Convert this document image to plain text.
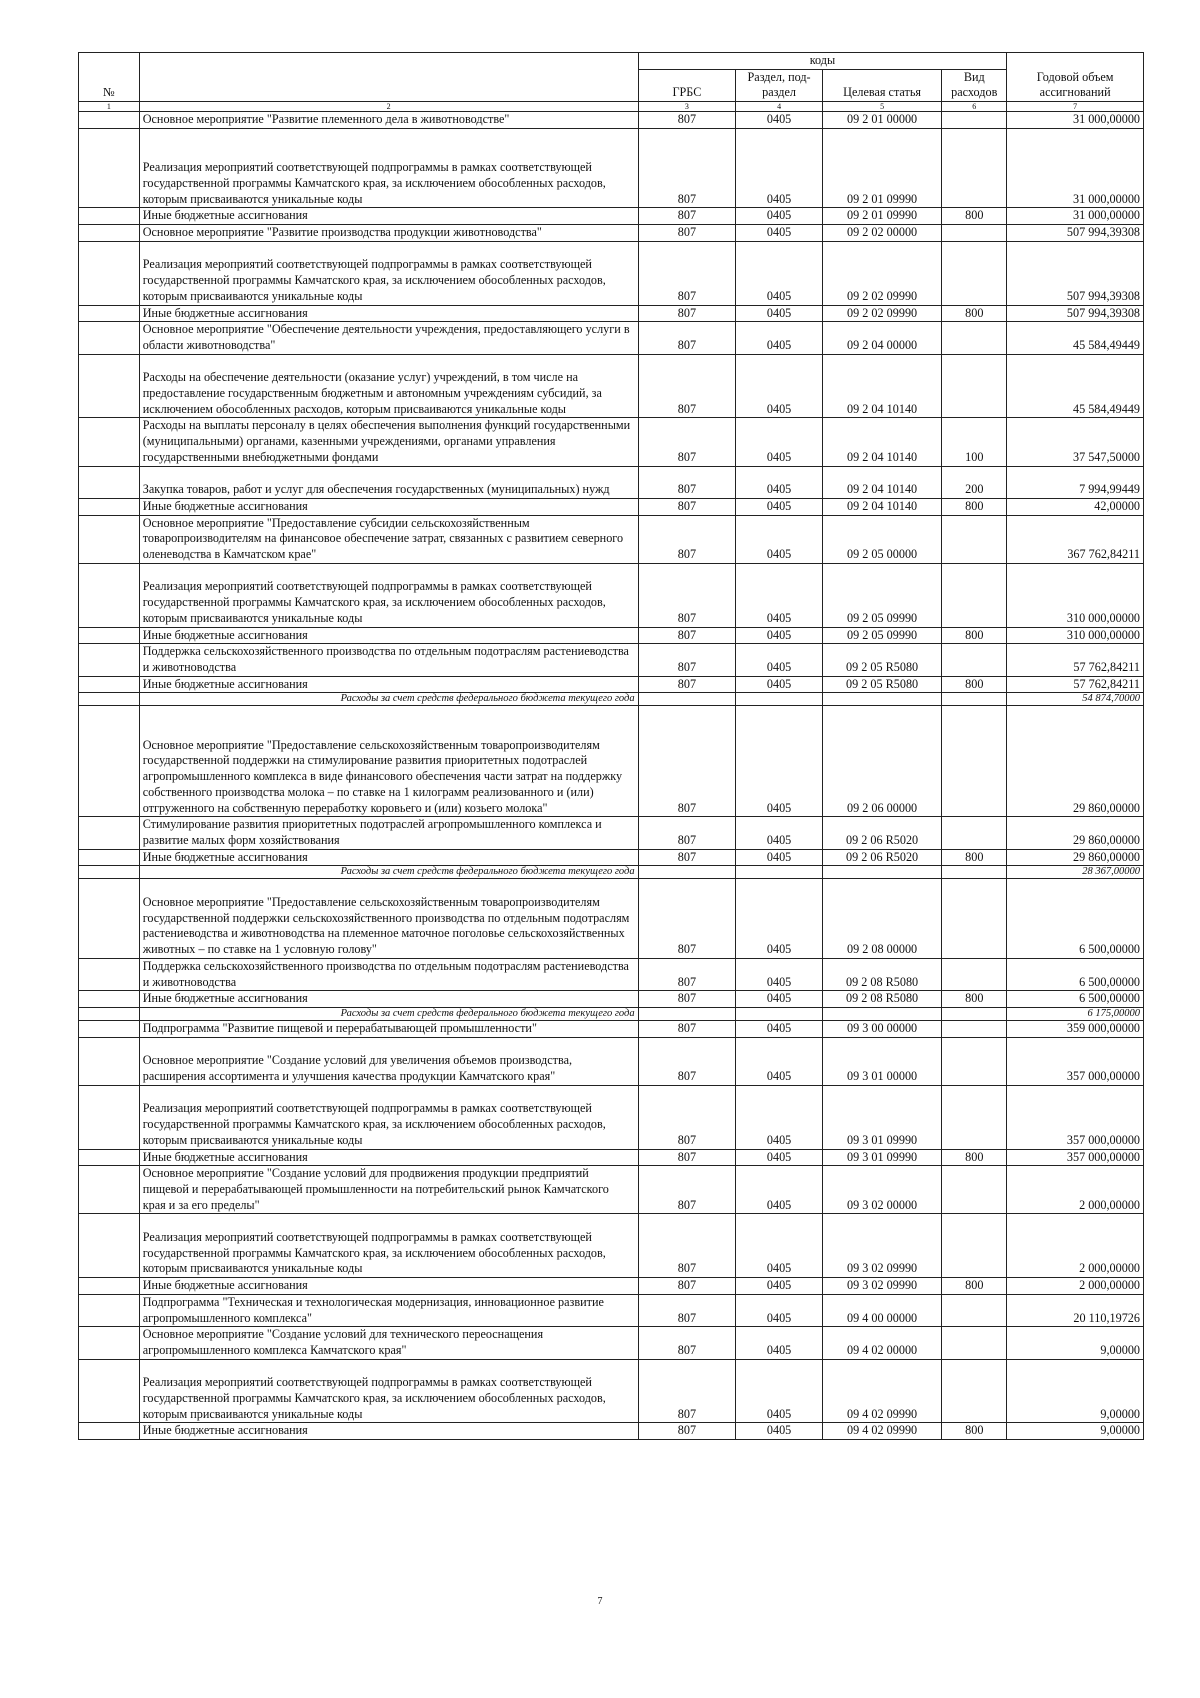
№		коды				Годовой объем ассигнований
		ГРБС	Раздел, под-раздел	Целевая статья	Вид расходов	
1	2	3	4	5	6	7
	Основное мероприятие "Развитие племенного дела в животноводстве"	807	0405	09 2 01 00000		31 000,00000
	Реализация мероприятий соответствующей подпрограммы в рамках соответствующей государственной программы Камчатского края, за исключением обособленных расходов, которым присваиваются уникальные коды	807	0405	09 2 01 09990		31 000,00000
	Иные бюджетные ассигнования	807	0405	09 2 01 09990	800	31 000,00000
	Основное мероприятие "Развитие производства продукции животноводства"	807	0405	09 2 02 00000		507 994,39308
	Реализация мероприятий соответствующей подпрограммы в рамках соответствующей государственной программы Камчатского края, за исключением обособленных расходов, которым присваиваются уникальные коды	807	0405	09 2 02 09990		507 994,39308
	Иные бюджетные ассигнования	807	0405	09 2 02 09990	800	507 994,39308
	Основное мероприятие "Обеспечение деятельности учреждения, предоставляющего услуги в области животноводства"	807	0405	09 2 04 00000		45 584,49449
	Расходы на обеспечение деятельности (оказание услуг) учреждений, в том числе на предоставление государственным бюджетным и автономным учреждениям субсидий, за исключением обособленных расходов, которым присваиваются уникальные коды	807	0405	09 2 04 10140		45 584,49449
	Расходы на выплаты персоналу в целях обеспечения выполнения функций государственными (муниципальными) органами, казенными учреждениями, органами управления государственными внебюджетными фондами	807	0405	09 2 04 10140	100	37 547,50000
	Закупка товаров, работ и услуг для обеспечения государственных (муниципальных) нужд	807	0405	09 2 04 10140	200	7 994,99449
	Иные бюджетные ассигнования	807	0405	09 2 04 10140	800	42,00000
	Основное мероприятие "Предоставление субсидии сельскохозяйственным товаропроизводителям на финансовое обеспечение затрат, связанных с развитием северного оленеводства в Камчатском крае"	807	0405	09 2 05 00000		367 762,84211
	Реализация мероприятий соответствующей подпрограммы в рамках соответствующей государственной программы Камчатского края, за исключением обособленных расходов, которым присваиваются уникальные коды	807	0405	09 2 05 09990		310 000,00000
	Иные бюджетные ассигнования	807	0405	09 2 05 09990	800	310 000,00000
	Поддержка сельскохозяйственного производства по отдельным подотраслям растениеводства и животноводства	807	0405	09 2 05 R5080		57 762,84211
	Иные бюджетные ассигнования	807	0405	09 2 05 R5080	800	57 762,84211
	Расходы за счет средств федерального бюджета текущего года					54 874,70000
	Основное мероприятие "Предоставление сельскохозяйственным товаропроизводителям государственной поддержки на стимулирование развития приоритетных подотраслей агропромышленного комплекса в виде финансового обеспечения части затрат на поддержку собственного производства молока – по ставке на 1 килограмм реализованного и (или) отгруженного на собственную переработку коровьего и (или) козьего молока"	807	0405	09 2 06 00000		29 860,00000
	Стимулирование развития приоритетных подотраслей агропромышленного комплекса и развитие малых форм хозяйствования	807	0405	09 2 06 R5020		29 860,00000
	Иные бюджетные ассигнования	807	0405	09 2 06 R5020	800	29 860,00000
	Расходы за счет средств федерального бюджета текущего года					28 367,00000
	Основное мероприятие "Предоставление сельскохозяйственным товаропроизводителям государственной поддержки сельскохозяйственного производства по отдельным подотраслям растениеводства и животноводства на племенное маточное поголовье сельскохозяйственных животных – по ставке на 1 условную голову"	807	0405	09 2 08 00000		6 500,00000
	Поддержка сельскохозяйственного производства по отдельным подотраслям растениеводства и животноводства	807	0405	09 2 08 R5080		6 500,00000
	Иные бюджетные ассигнования	807	0405	09 2 08 R5080	800	6 500,00000
	Расходы за счет средств федерального бюджета текущего года					6 175,00000
	Подпрограмма "Развитие пищевой и перерабатывающей промышленности"	807	0405	09 3 00 00000		359 000,00000
	Основное мероприятие "Создание условий для увеличения объемов производства, расширения ассортимента и улучшения качества продукции Камчатского края"	807	0405	09 3 01 00000		357 000,00000
	Реализация мероприятий соответствующей подпрограммы в рамках соответствующей государственной программы Камчатского края, за исключением обособленных расходов, которым присваиваются уникальные коды	807	0405	09 3 01 09990		357 000,00000
	Иные бюджетные ассигнования	807	0405	09 3 01 09990	800	357 000,00000
	Основное мероприятие "Создание условий для продвижения продукции предприятий пищевой и перерабатывающей промышленности на потребительский рынок Камчатского края и за его пределы"	807	0405	09 3 02 00000		2 000,00000
	Реализация мероприятий соответствующей подпрограммы в рамках соответствующей государственной программы Камчатского края, за исключением обособленных расходов, которым присваиваются уникальные коды	807	0405	09 3 02 09990		2 000,00000
	Иные бюджетные ассигнования	807	0405	09 3 02 09990	800	2 000,00000
	Подпрограмма "Техническая и технологическая модернизация, инновационное развитие агропромышленного комплекса"	807	0405	09 4 00 00000		20 110,19726
	Основное мероприятие "Создание условий для технического переоснащения агропромышленного комплекса Камчатского края"	807	0405	09 4 02 00000		9,00000
	Реализация мероприятий соответствующей подпрограммы в рамках соответствующей государственной программы Камчатского края, за исключением обособленных расходов, которым присваиваются уникальные коды	807	0405	09 4 02 09990		9,00000
	Иные бюджетные ассигнования	807	0405	09 4 02 09990	800	9,00000
7
